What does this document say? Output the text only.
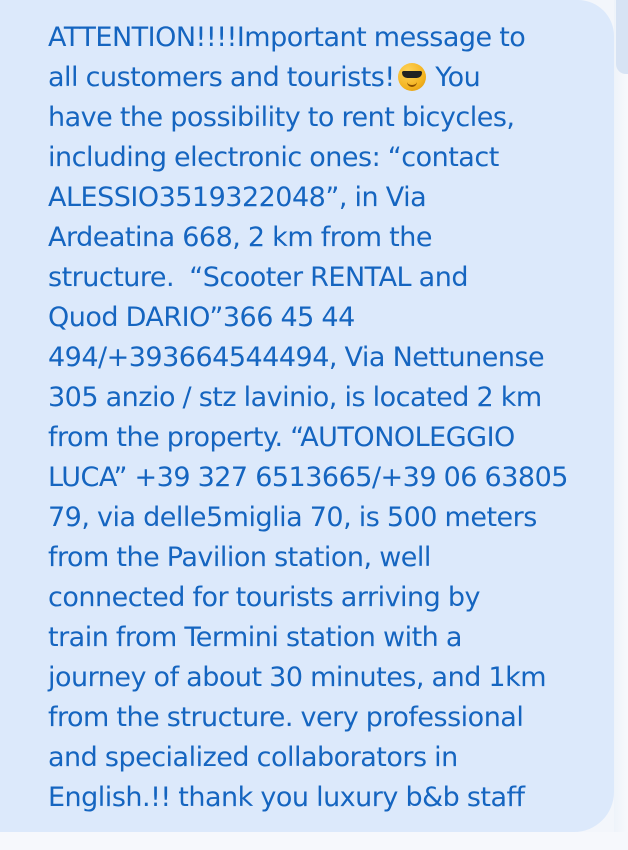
ATTENTION!!!!Important message to
all customers and tourists! You
have the possibility to rent bicycles,
including electronic ones: “contact
ALESSIO3519322048”, in Via
Ardeatina 668, 2 km from the
structure.  “Scooter RENTAL and
Quod DARIO”366 45 44
494/+393664544494, Via Nettunense
305 anzio / stz lavinio, is located 2 km
from the property. “AUTONOLEGGIO
LUCA” +39 327 6513665/+39 06 63805
79, via delle5miglia 70, is 500 meters
from the Pavilion station, well
connected for tourists arriving by
train from Termini station with a
journey of about 30 minutes, and 1km
from the structure. very professional
and specialized collaborators in
English.!! thank you luxury b&b staff
